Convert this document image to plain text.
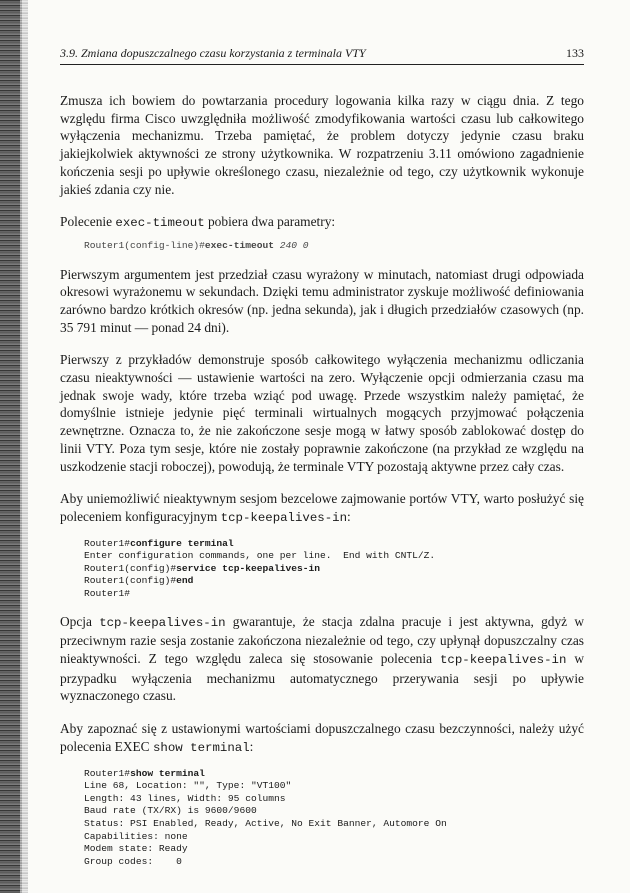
3.9. Zmiana dopuszczalnego czasu korzystania z terminala VTY	133

Zmusza ich bowiem do powtarzania procedury logowania kilka razy w ciągu dnia. Z tego względu firma Cisco uwzględniła możliwość zmodyfikowania wartości czasu lub całkowitego wyłączenia mechanizmu. Trzeba pamiętać, że problem dotyczy jedynie czasu braku jakiejkolwiek aktywności ze strony użytkownika. W rozpatrzeniu 3.11 omówiono zagadnienie kończenia sesji po upływie określonego czasu, niezależnie od tego, czy użytkownik wykonuje jakieś zdania czy nie.

Polecenie exec-timeout pobiera dwa parametry:

Router1(config-line)#exec-timeout 240 0

Pierwszym argumentem jest przedział czasu wyrażony w minutach, natomiast drugi odpowiada okresowi wyrażonemu w sekundach. Dzięki temu administrator zyskuje możliwość definiowania zarówno bardzo krótkich okresów (np. jedna sekunda), jak i długich przedziałów czasowych (np. 35 791 minut — ponad 24 dni).

Pierwszy z przykładów demonstruje sposób całkowitego wyłączenia mechanizmu odliczania czasu nieaktywności — ustawienie wartości na zero. Wyłączenie opcji odmierzania czasu ma jednak swoje wady, które trzeba wziąć pod uwagę. Przede wszystkim należy pamiętać, że domyślnie istnieje jedynie pięć terminali wirtualnych mogących przyjmować połączenia zewnętrzne. Oznacza to, że nie zakończone sesje mogą w łatwy sposób zablokować dostęp do linii VTY. Poza tym sesje, które nie zostały poprawnie zakończone (na przykład ze względu na uszkodzenie stacji roboczej), powodują, że terminale VTY pozostają aktywne przez cały czas.

Aby uniemożliwić nieaktywnym sesjom bezcelowe zajmowanie portów VTY, warto posłużyć się poleceniem konfiguracyjnym tcp-keepalives-in:

Router1#configure terminal
Enter configuration commands, one per line.  End with CNTL/Z.
Router1(config)#service tcp-keepalives-in
Router1(config)#end
Router1#

Opcja tcp-keepalives-in gwarantuje, że stacja zdalna pracuje i jest aktywna, gdyż w przeciwnym razie sesja zostanie zakończona niezależnie od tego, czy upłynął dopuszczalny czas nieaktywności. Z tego względu zaleca się stosowanie polecenia tcp-keepalives-in w przypadku wyłączenia mechanizmu automatycznego przerywania sesji po upływie wyznaczonego czasu.

Aby zapoznać się z ustawionymi wartościami dopuszczalnego czasu bezczynności, należy użyć polecenia EXEC show terminal:

Router1#show terminal
Line 68, Location: "", Type: "VT100"
Length: 43 lines, Width: 95 columns
Baud rate (TX/RX) is 9600/9600
Status: PSI Enabled, Ready, Active, No Exit Banner, Automore On
Capabilities: none
Modem state: Ready
Group codes:    0
